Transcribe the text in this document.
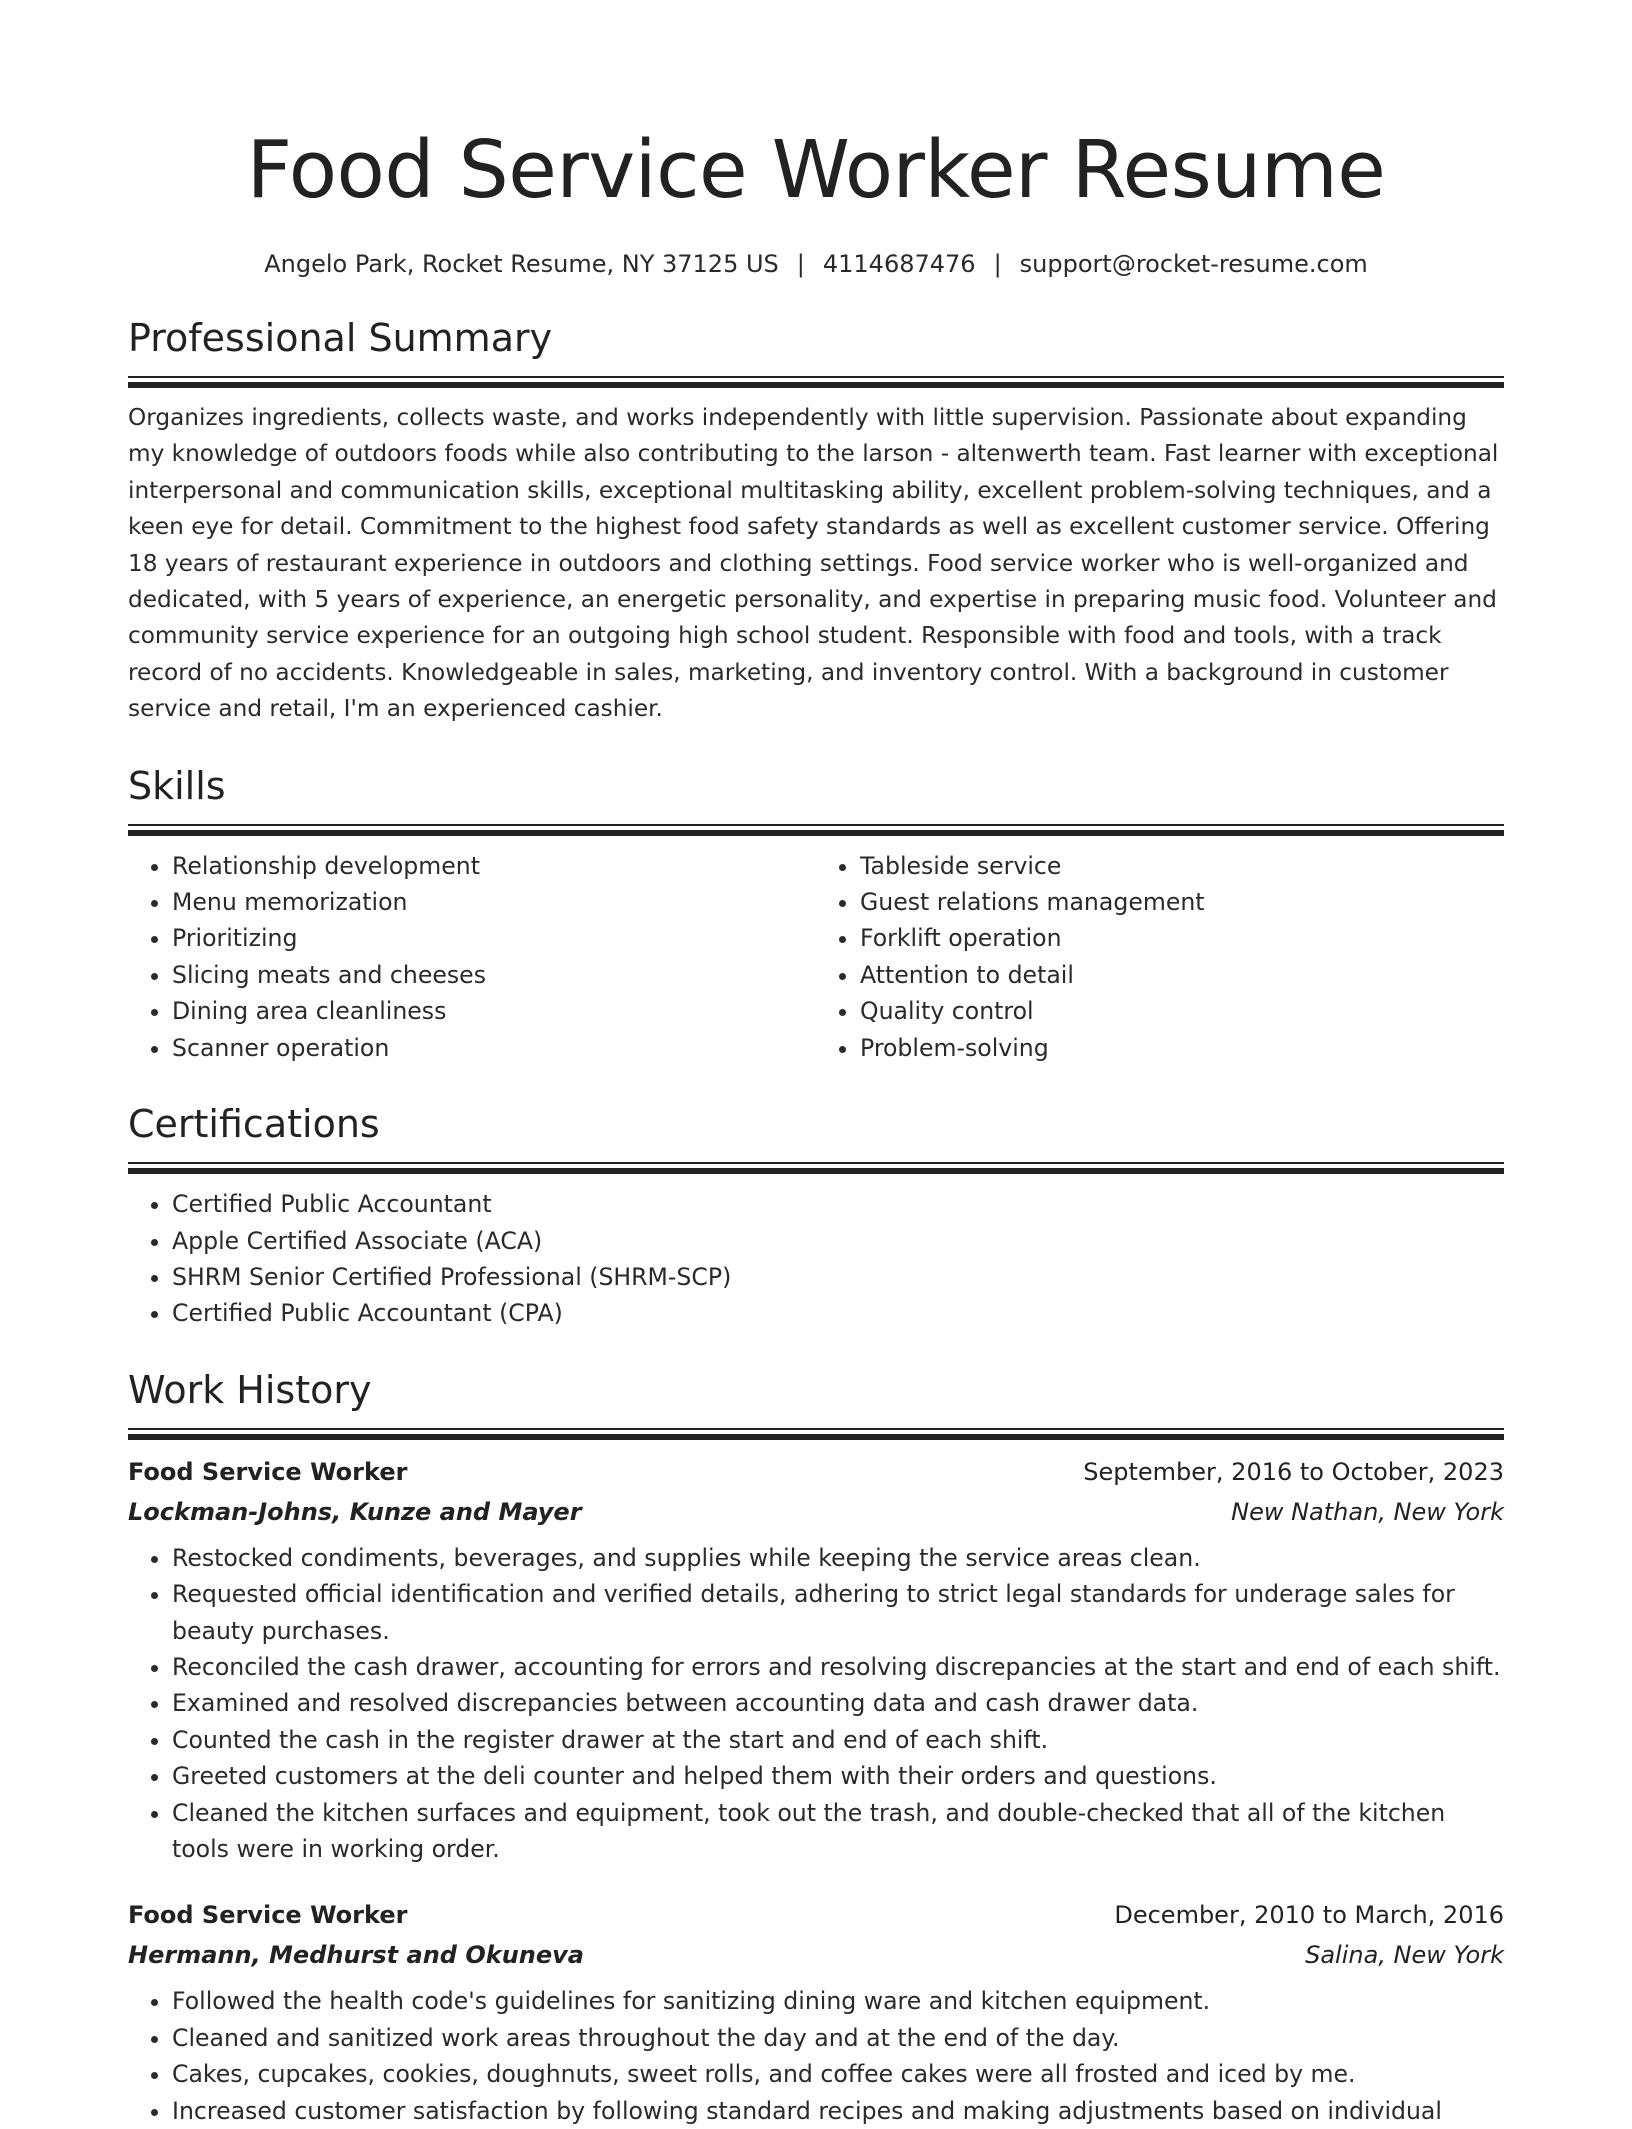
Food Service Worker Resume
Angelo Park, Rocket Resume, NY 37125 US | 4114687476 | support@rocket-resume.com
Professional Summary

Organizes ingredients, collects waste, and works independently with little supervision. Passionate about expanding my knowledge of outdoors foods while also contributing to the larson - altenwerth team. Fast learner with exceptional interpersonal and communication skills, exceptional multitasking ability, excellent problem-solving techniques, and a keen eye for detail. Commitment to the highest food safety standards as well as excellent customer service. Offering 18 years of restaurant experience in outdoors and clothing settings. Food service worker who is well-organized and dedicated, with 5 years of experience, an energetic personality, and expertise in preparing music food. Volunteer and community service experience for an outgoing high school student. Responsible with food and tools, with a track record of no accidents. Knowledgeable in sales, marketing, and inventory control. With a background in customer service and retail, I'm an experienced cashier.

Skills
• Relationship development
• Menu memorization
• Prioritizing
• Slicing meats and cheeses
• Dining area cleanliness
• Scanner operation
• Tableside service
• Guest relations management
• Forklift operation
• Attention to detail
• Quality control
• Problem-solving
Certifications
• Certified Public Accountant
• Apple Certified Associate (ACA)
• SHRM Senior Certified Professional (SHRM-SCP)
• Certified Public Accountant (CPA)
Work History
Food Service Worker	September, 2016 to October, 2023
Lockman-Johns, Kunze and Mayer	New Nathan, New York
• Restocked condiments, beverages, and supplies while keeping the service areas clean.
• Requested official identification and verified details, adhering to strict legal standards for underage sales for beauty purchases.
• Reconciled the cash drawer, accounting for errors and resolving discrepancies at the start and end of each shift.
• Examined and resolved discrepancies between accounting data and cash drawer data.
• Counted the cash in the register drawer at the start and end of each shift.
• Greeted customers at the deli counter and helped them with their orders and questions.
• Cleaned the kitchen surfaces and equipment, took out the trash, and double-checked that all of the kitchen tools were in working order.
Food Service Worker	December, 2010 to March, 2016
Hermann, Medhurst and Okuneva	Salina, New York
• Followed the health code's guidelines for sanitizing dining ware and kitchen equipment.
• Cleaned and sanitized work areas throughout the day and at the end of the day.
• Cakes, cupcakes, cookies, doughnuts, sweet rolls, and coffee cakes were all frosted and iced by me.
• Increased customer satisfaction by following standard recipes and making adjustments based on individual
